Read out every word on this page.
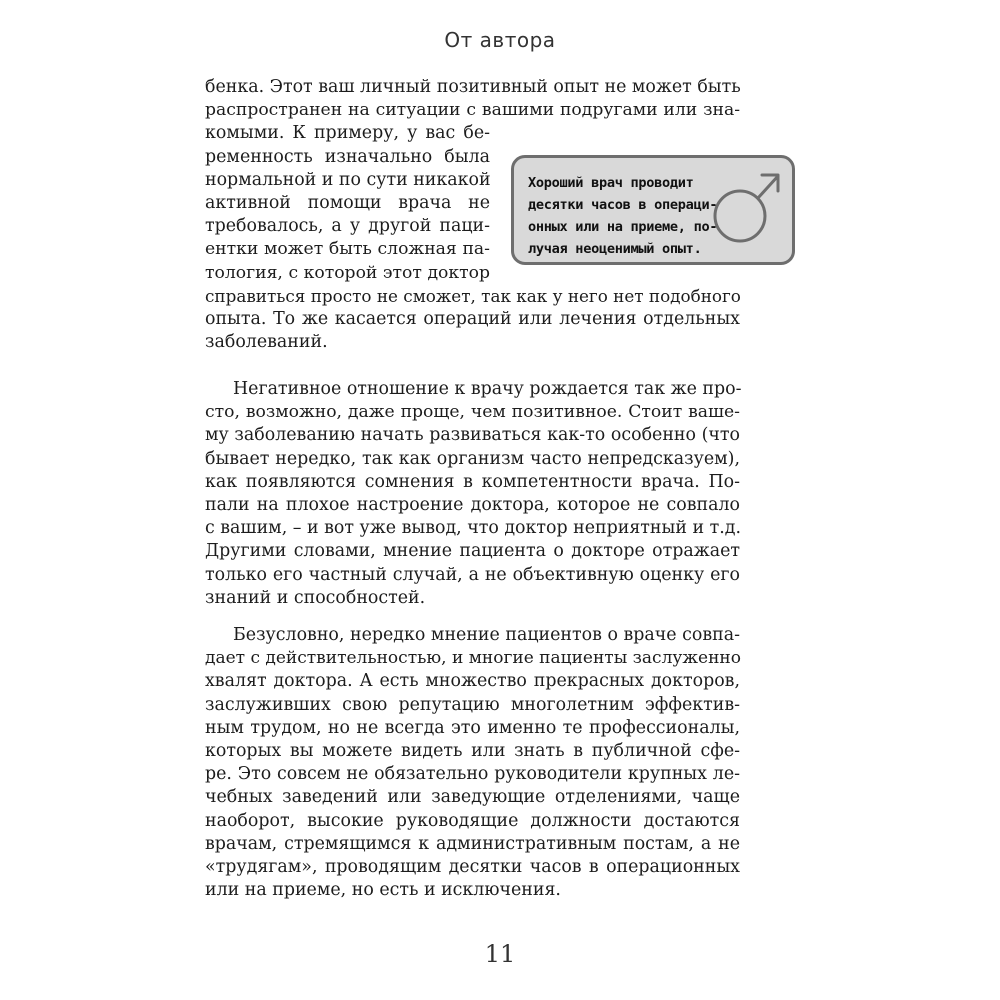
От автора
бенка. Этот ваш личный позитивный опыт не может быть
распространен на ситуации с вашими подругами или зна-
комыми. К примеру, у вас бе-
ременность изначально была
нормальной и по сути никакой
активной помощи врача не
требовалось, а у другой паци-
ентки может быть сложная па-
тология, с которой этот доктор
справиться просто не сможет, так как у него нет подобного
опыта. То же касается операций или лечения отдельных
заболеваний.
Хороший врач проводит
десятки часов в операци-
онных или на приеме, по-
лучая неоценимый опыт.
Негативное отношение к врачу рождается так же про-
сто, возможно, даже проще, чем позитивное. Стоит ваше-
му заболеванию начать развиваться как-то особенно (что
бывает нередко, так как организм часто непредсказуем),
как появляются сомнения в компетентности врача. По-
пали на плохое настроение доктора, которое не совпало
с вашим, – и вот уже вывод, что доктор неприятный и т.д.
Другими словами, мнение пациента о докторе отражает
только его частный случай, а не объективную оценку его
знаний и способностей.
Безусловно, нередко мнение пациентов о враче совпа-
дает с действительностью, и многие пациенты заслуженно
хвалят доктора. А есть множество прекрасных докторов,
заслуживших свою репутацию многолетним эффектив-
ным трудом, но не всегда это именно те профессионалы,
которых вы можете видеть или знать в публичной сфе-
ре. Это совсем не обязательно руководители крупных ле-
чебных заведений или заведующие отделениями, чаще
наоборот, высокие руководящие должности достаются
врачам, стремящимся к административным постам, а не
«трудягам», проводящим десятки часов в операционных
или на приеме, но есть и исключения.
11
